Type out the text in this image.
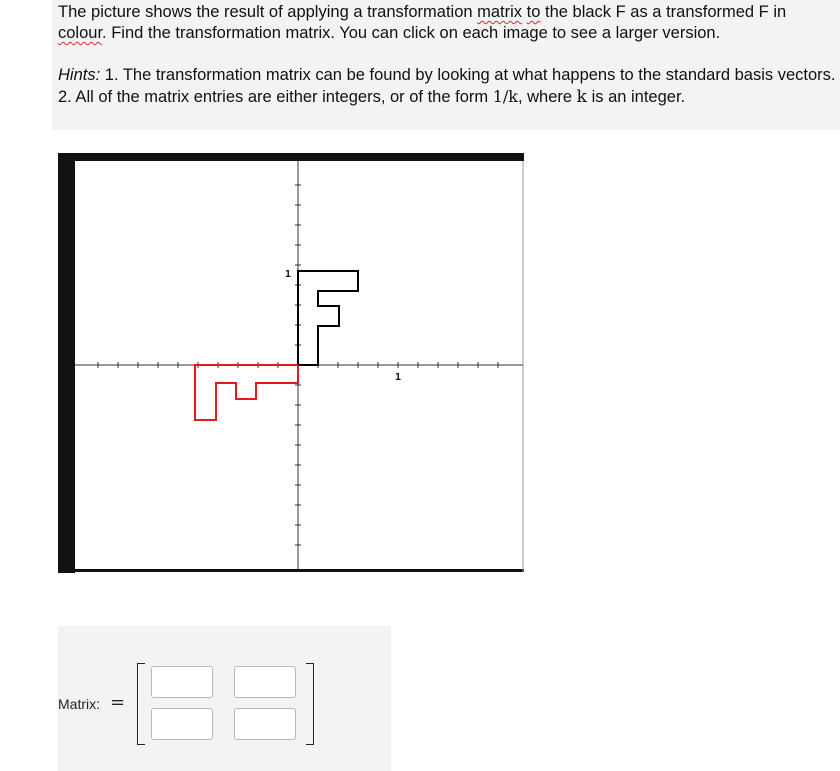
The picture shows the result of applying a transformation matrix to the black F as a transformed F in
colour. Find the transformation matrix. You can click on each image to see a larger version.

Hints: 1. The transformation matrix can be found by looking at what happens to the standard basis vectors.

2. All of the matrix entries are either integers, or of the form 1/k, where k is an integer.

1
1
Matrix: =
